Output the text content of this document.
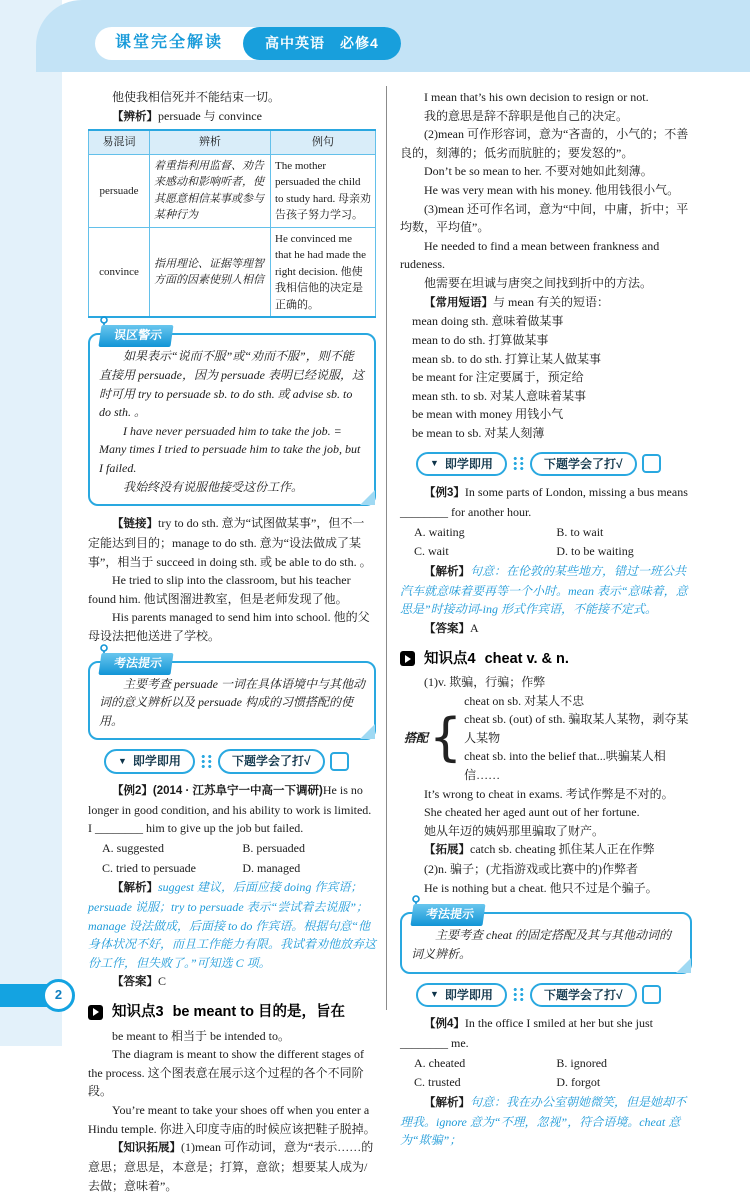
课堂完全解读	高中英语　必修4
2

他使我相信死并不能结束一切。

【辨析】persuade 与 convince

易混词	辨析	例句
persuade	着重指利用监督、劝告来感动和影响听者，使其愿意相信某事或参与某种行为	The mother persuaded the child to study hard. 母亲劝告孩子努力学习。
convince	指用理论、证据等理智方面的因素使别人相信	He convinced me that he had made the right decision. 他使我相信他的决定是正确的。
误区警示

如果表示“说而不服”或“劝而不服”，则不能直接用 persuade，因为 persuade 表明已经说服，这时可用 try to persuade sb. to do sth. 或 advise sb. to do sth. 。

I have never persuaded him to take the job. = Many times I tried to persuade him to take the job, but I failed.

我始终没有说服他接受这份工作。

【链接】try to do sth. 意为“试图做某事”，但不一定能达到目的；manage to do sth. 意为“设法做成了某事”，相当于 succeed in doing sth. 或 be able to do sth. 。

He tried to slip into the classroom, but his teacher found him. 他试图溜进教室，但是老师发现了他。

His parents managed to send him into school. 他的父母设法把他送进了学校。

考法提示

主要考查 persuade 一词在具体语境中与其他动词的意义辨析以及 persuade 构成的习惯搭配的使用。

▼ 即学即用	下题学会了打√

【例2】(2014 · 江苏阜宁一中高一下调研)He is no longer in good condition, and his ability to work is limited. I ________ him to give up the job but failed.

A. suggested	B. persuaded
C. tried to persuade	D. managed

【解析】suggest 建议，后面应接 doing 作宾语；persuade 说服；try to persuade 表示“尝试着去说服”；manage 设法做成，后面接 to do 作宾语。根据句意“他身体状况不好，而且工作能力有限。我试着劝他放弃这份工作，但失败了。”可知选 C 项。

【答案】C

知识点3 be meant to 目的是，旨在

be meant to 相当于 be intended to。

The diagram is meant to show the different stages of the process. 这个图表意在展示这个过程的各个不同阶段。

You’re meant to take your shoes off when you enter a Hindu temple. 你进入印度寺庙的时候应该把鞋子脱掉。

【知识拓展】(1)mean 可作动词，意为“表示……的意思；意思是，本意是；打算，意欲；想要某人成为/去做；意味着”。

I mean that’s his own decision to resign or not.

我的意思是辞不辞职是他自己的决定。

(2)mean 可作形容词，意为“吝啬的，小气的；不善良的，刻薄的；低劣而肮脏的；要发怒的”。

Don’t be so mean to her. 不要对她如此刻薄。

He was very mean with his money. 他用钱很小气。

(3)mean 还可作名词，意为“中间，中庸，折中；平均数，平均值”。

He needed to find a mean between frankness and rudeness.

他需要在坦诚与唐突之间找到折中的方法。

【常用短语】与 mean 有关的短语：

mean doing sth. 意味着做某事
mean to do sth. 打算做某事
mean sb. to do sth. 打算让某人做某事
be meant for 注定要属于，预定给
mean sth. to sb. 对某人意味着某事
be mean with money 用钱小气
be mean to sb. 对某人刻薄
▼ 即学即用	下题学会了打√

【例3】In some parts of London, missing a bus means ________ for another hour.

A. waiting	B. to wait
C. wait	D. to be waiting

【解析】句意：在伦敦的某些地方，错过一班公共汽车就意味着要再等一个小时。mean 表示“意味着，意思是”时接动词-ing 形式作宾语，不能接不定式。

【答案】A

知识点4 cheat v. & n.

(1)v. 欺骗，行骗；作弊

搭配 {
cheat on sb. 对某人不忠
cheat sb. (out) of sth. 骗取某人某物，剥夺某人某物
cheat sb. into the belief that...哄骗某人相信……

It’s wrong to cheat in exams. 考试作弊是不对的。

She cheated her aged aunt out of her fortune.

她从年迈的姨妈那里骗取了财产。

【拓展】catch sb. cheating 抓住某人正在作弊

(2)n. 骗子；(尤指游戏或比赛中的)作弊者

He is nothing but a cheat. 他只不过是个骗子。

考法提示

主要考查 cheat 的固定搭配及其与其他动词的词义辨析。

▼ 即学即用	下题学会了打√

【例4】In the office I smiled at her but she just ________ me.

A. cheated	B. ignored
C. trusted	D. forgot

【解析】句意：我在办公室朝她微笑，但是她却不理我。ignore 意为“不理，忽视”，符合语境。cheat 意为“欺骗”；
